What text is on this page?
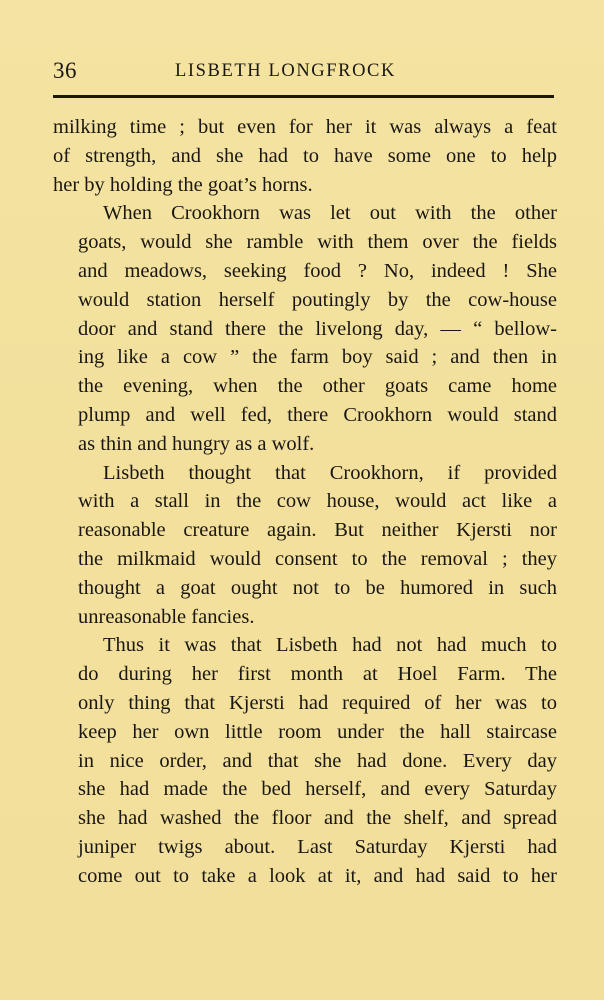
36	LISBETH LONGFROCK

milking time ; but even for her it was always a feat
of strength, and she had to have some one to help
her by holding the goat’s horns.

When Crookhorn was let out with the other
goats, would she ramble with them over the fields
and meadows, seeking food ? No, indeed ! She
would station herself poutingly by the cow-house
door and stand there the livelong day, — “ bellow-
ing like a cow ” the farm boy said ; and then in
the evening, when the other goats came home
plump and well fed, there Crookhorn would stand
as thin and hungry as a wolf.

Lisbeth thought that Crookhorn, if provided
with a stall in the cow house, would act like a
reasonable creature again. But neither Kjersti nor
the milkmaid would consent to the removal ; they
thought a goat ought not to be humored in such
unreasonable fancies.

Thus it was that Lisbeth had not had much to
do during her first month at Hoel Farm. The
only thing that Kjersti had required of her was to
keep her own little room under the hall staircase
in nice order, and that she had done. Every day
she had made the bed herself, and every Saturday
she had washed the floor and the shelf, and spread
juniper twigs about. Last Saturday Kjersti had
come out to take a look at it, and had said to her
